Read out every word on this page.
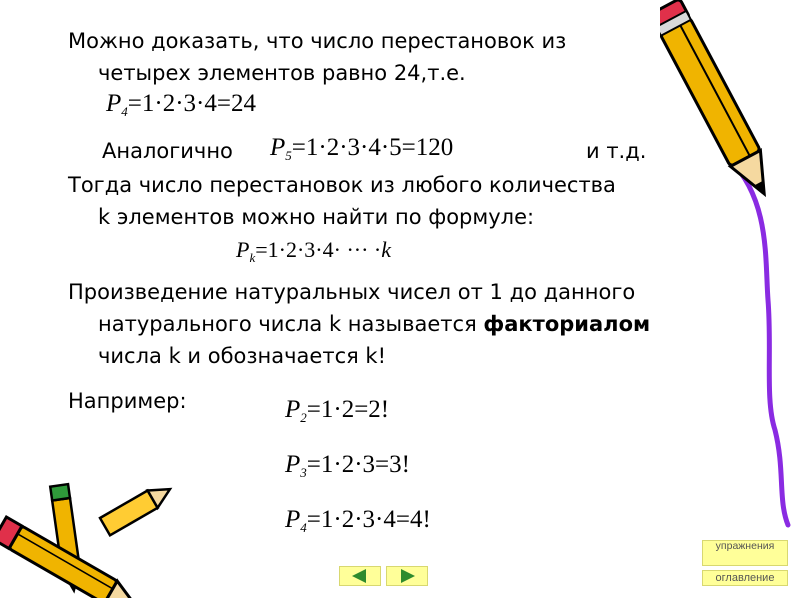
Можно доказать, что число перестановок из
четырех элементов равно 24,т.е.
$P_4=1\cdot 2\cdot 3\cdot 4=24$
Аналогично $P_5=1\cdot 2\cdot 3\cdot 4\cdot 5=120$	и т.д.
Тогда число перестановок из любого количества
k элементов можно найти по формуле:
$P_k=1\cdot 2\cdot 3\cdot 4\cdot$ ··· ·k
Произведение натуральных чисел от 1 до данного
натурального числа k называется факториалом
числа k и обозначается k!
Например:	$P_2=1\cdot 2=2$!
$P_3=1\cdot 2\cdot 3=3$!
$P_4=1\cdot 2\cdot 3\cdot 4=4$!
упражнения
оглавление
